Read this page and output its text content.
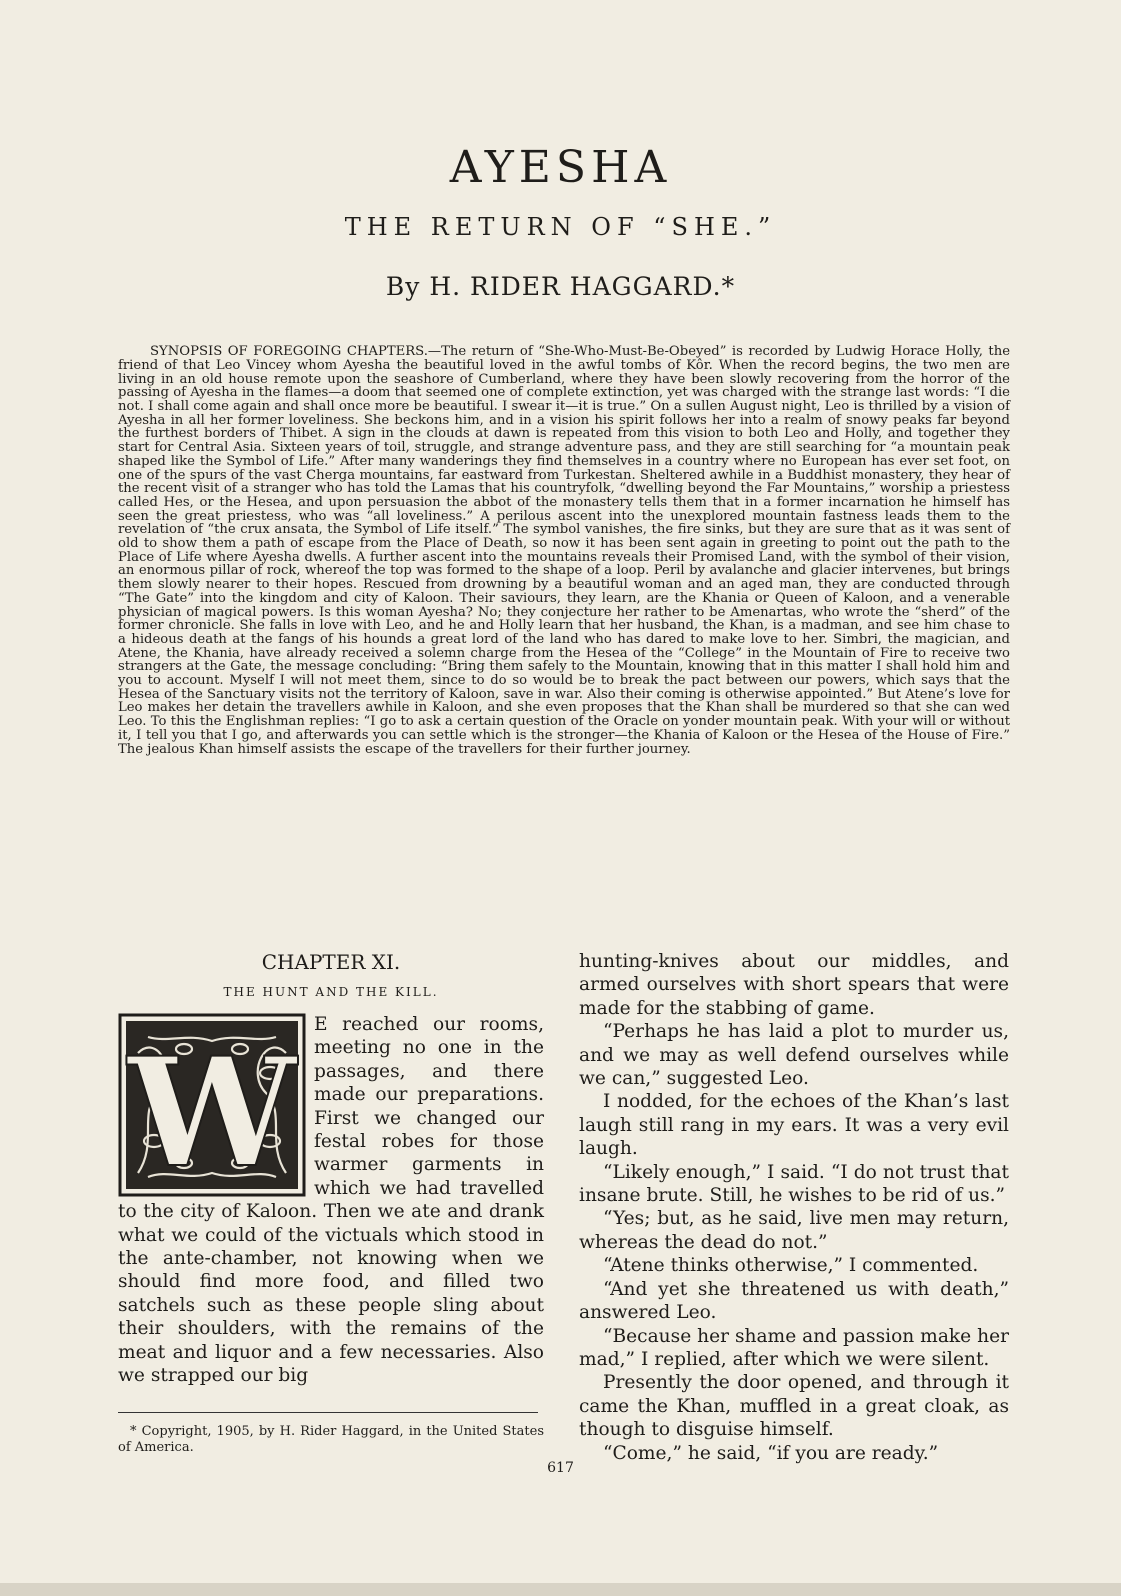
AYESHA
THE RETURN OF “SHE.”
By H. RIDER HAGGARD.*

SYNOPSIS OF FOREGOING CHAPTERS.—The return of “She-Who-Must-Be-Obeyed” is recorded by Ludwig Horace Holly, the friend of that Leo Vincey whom Ayesha the beautiful loved in the awful tombs of Kôr. When the record begins, the two men are living in an old house remote upon the seashore of Cumberland, where they have been slowly recovering from the horror of the passing of Ayesha in the flames—a doom that seemed one of complete extinction, yet was charged with the strange last words: “I die not. I shall come again and shall once more be beautiful. I swear it—it is true.” On a sullen August night, Leo is thrilled by a vision of Ayesha in all her former loveliness. She beckons him, and in a vision his spirit follows her into a realm of snowy peaks far beyond the furthest borders of Thibet. A sign in the clouds at dawn is repeated from this vision to both Leo and Holly, and together they start for Central Asia. Sixteen years of toil, struggle, and strange adventure pass, and they are still searching for “a mountain peak shaped like the Symbol of Life.” After many wanderings they find themselves in a country where no European has ever set foot, on one of the spurs of the vast Cherga mountains, far eastward from Turkestan. Sheltered awhile in a Buddhist monastery, they hear of the recent visit of a stranger who has told the Lamas that his countryfolk, “dwelling beyond the Far Mountains,” worship a priestess called Hes, or the Hesea, and upon persuasion the abbot of the monastery tells them that in a former incarnation he himself has seen the great priestess, who was “all loveliness.” A perilous ascent into the unexplored mountain fastness leads them to the revelation of “the crux ansata, the Symbol of Life itself.” The symbol vanishes, the fire sinks, but they are sure that as it was sent of old to show them a path of escape from the Place of Death, so now it has been sent again in greeting to point out the path to the Place of Life where Ayesha dwells. A further ascent into the mountains reveals their Promised Land, with the symbol of their vision, an enormous pillar of rock, whereof the top was formed to the shape of a loop. Peril by avalanche and glacier intervenes, but brings them slowly nearer to their hopes. Rescued from drowning by a beautiful woman and an aged man, they are conducted through “The Gate” into the kingdom and city of Kaloon. Their saviours, they learn, are the Khania or Queen of Kaloon, and a venerable physician of magical powers. Is this woman Ayesha? No; they conjecture her rather to be Amenartas, who wrote the “sherd” of the former chronicle. She falls in love with Leo, and he and Holly learn that her husband, the Khan, is a madman, and see him chase to a hideous death at the fangs of his hounds a great lord of the land who has dared to make love to her. Simbri, the magician, and Atene, the Khania, have already received a solemn charge from the Hesea of the “College” in the Mountain of Fire to receive two strangers at the Gate, the message concluding: “Bring them safely to the Mountain, knowing that in this matter I shall hold him and you to account. Myself I will not meet them, since to do so would be to break the pact between our powers, which says that the Hesea of the Sanctuary visits not the territory of Kaloon, save in war. Also their coming is otherwise appointed.” But Atene’s love for Leo makes her detain the travellers awhile in Kaloon, and she even proposes that the Khan shall be murdered so that she can wed Leo. To this the Englishman replies: “I go to ask a certain question of the Oracle on yonder mountain peak. With your will or without it, I tell you that I go, and afterwards you can settle which is the stronger—the Khania of Kaloon or the Hesea of the House of Fire.” The jealous Khan himself assists the escape of the travellers for their further journey.

CHAPTER XI.
THE HUNT AND THE KILL.
W

E reached our rooms, meeting no one in the passages, and there made our preparations. First we changed our festal robes for those warmer garments in which we had travelled to the city of Kaloon. Then we ate and drank what we could of the victuals which stood in the ante-chamber, not knowing when we should find more food, and filled two satchels such as these people sling about their shoulders, with the remains of the meat and liquor and a few necessaries. Also we strapped our big

hunting-knives about our middles, and armed ourselves with short spears that were made for the stabbing of game.

“Perhaps he has laid a plot to murder us, and we may as well defend ourselves while we can,” suggested Leo.

I nodded, for the echoes of the Khan’s last laugh still rang in my ears. It was a very evil laugh.

“Likely enough,” I said. “I do not trust that insane brute. Still, he wishes to be rid of us.”

“Yes; but, as he said, live men may return, whereas the dead do not.”

“Atene thinks otherwise,” I commented.

“And yet she threatened us with death,” answered Leo.

“Because her shame and passion make her mad,” I replied, after which we were silent.

Presently the door opened, and through it came the Khan, muffled in a great cloak, as though to disguise himself.

“Come,” he said, “if you are ready.”

* Copyright, 1905, by H. Rider Haggard, in the United States of America.
617
